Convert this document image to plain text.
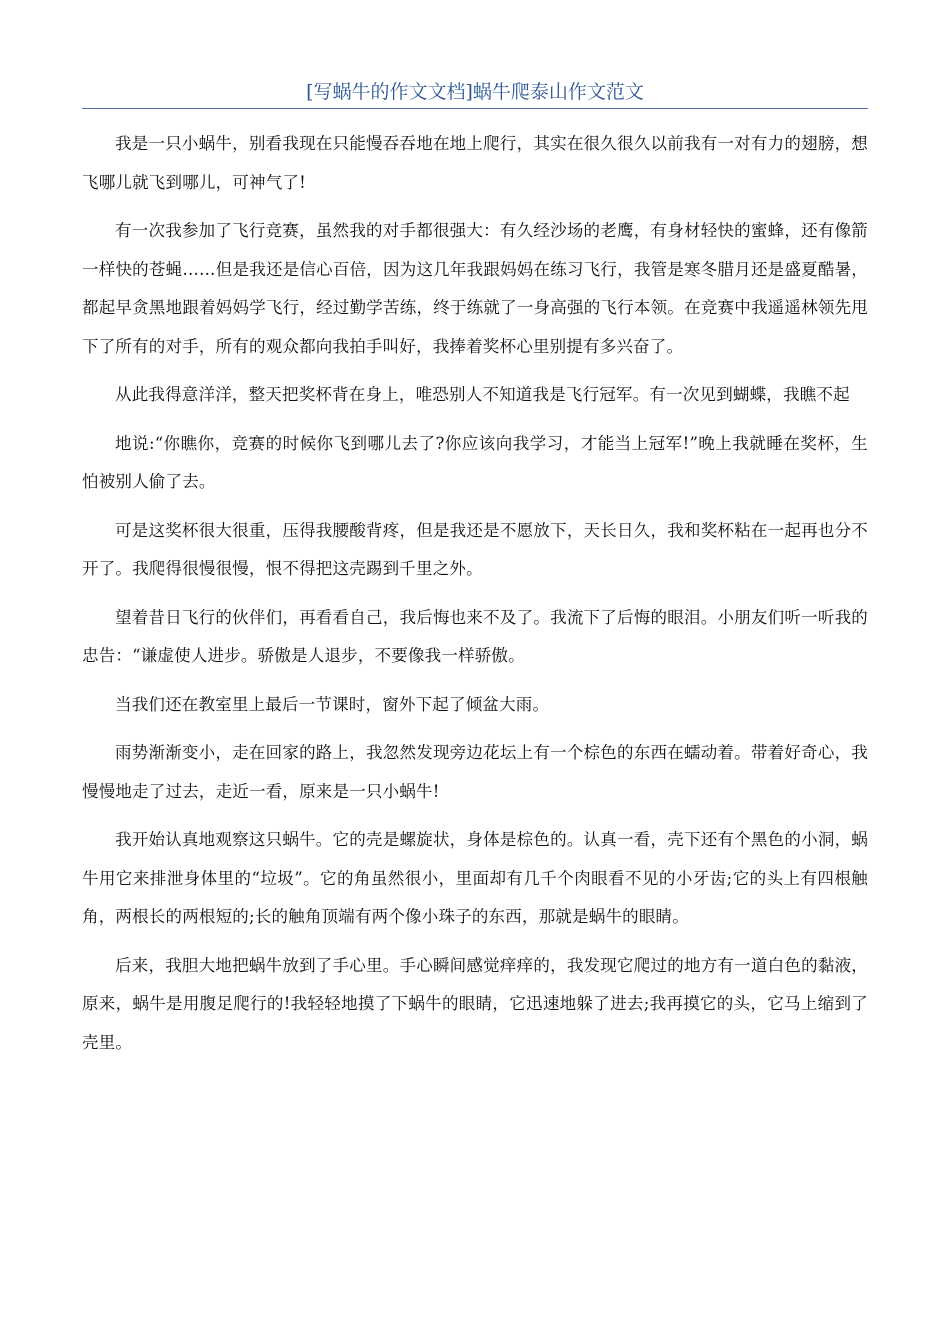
[写蜗牛的作文文档]蜗牛爬泰山作文范文

我是一只小蜗牛，别看我现在只能慢吞吞地在地上爬行，其实在很久很久以前我有一对有力的翅膀，想飞哪儿就飞到哪儿，可神气了!

有一次我参加了飞行竞赛，虽然我的对手都很强大：有久经沙场的老鹰，有身材轻快的蜜蜂，还有像箭一样快的苍蝇……但是我还是信心百倍，因为这几年我跟妈妈在练习飞行，我管是寒冬腊月还是盛夏酷暑，都起早贪黑地跟着妈妈学飞行，经过勤学苦练，终于练就了一身高强的飞行本领。在竞赛中我遥遥林领先甩下了所有的对手，所有的观众都向我拍手叫好，我捧着奖杯心里别提有多兴奋了。

从此我得意洋洋，整天把奖杯背在身上，唯恐别人不知道我是飞行冠军。有一次见到蝴蝶，我瞧不起

地说:“你瞧你，竞赛的时候你飞到哪儿去了?你应该向我学习，才能当上冠军!”晚上我就睡在奖杯，生怕被别人偷了去。

可是这奖杯很大很重，压得我腰酸背疼，但是我还是不愿放下，天长日久，我和奖杯粘在一起再也分不开了。我爬得很慢很慢，恨不得把这壳踢到千里之外。

望着昔日飞行的伙伴们，再看看自己，我后悔也来不及了。我流下了后悔的眼泪。小朋友们听一听我的忠告：“谦虚使人进步。骄傲是人退步，不要像我一样骄傲。

当我们还在教室里上最后一节课时，窗外下起了倾盆大雨。

雨势渐渐变小，走在回家的路上，我忽然发现旁边花坛上有一个棕色的东西在蠕动着。带着好奇心，我慢慢地走了过去，走近一看，原来是一只小蜗牛!

我开始认真地观察这只蜗牛。它的壳是螺旋状，身体是棕色的。认真一看，壳下还有个黑色的小洞，蜗牛用它来排泄身体里的“垃圾”。它的角虽然很小，里面却有几千个肉眼看不见的小牙齿;它的头上有四根触角，两根长的两根短的;长的触角顶端有两个像小珠子的东西，那就是蜗牛的眼睛。

后来，我胆大地把蜗牛放到了手心里。手心瞬间感觉痒痒的，我发现它爬过的地方有一道白色的黏液，原来，蜗牛是用腹足爬行的!我轻轻地摸了下蜗牛的眼睛，它迅速地躲了进去;我再摸它的头，它马上缩到了壳里。
